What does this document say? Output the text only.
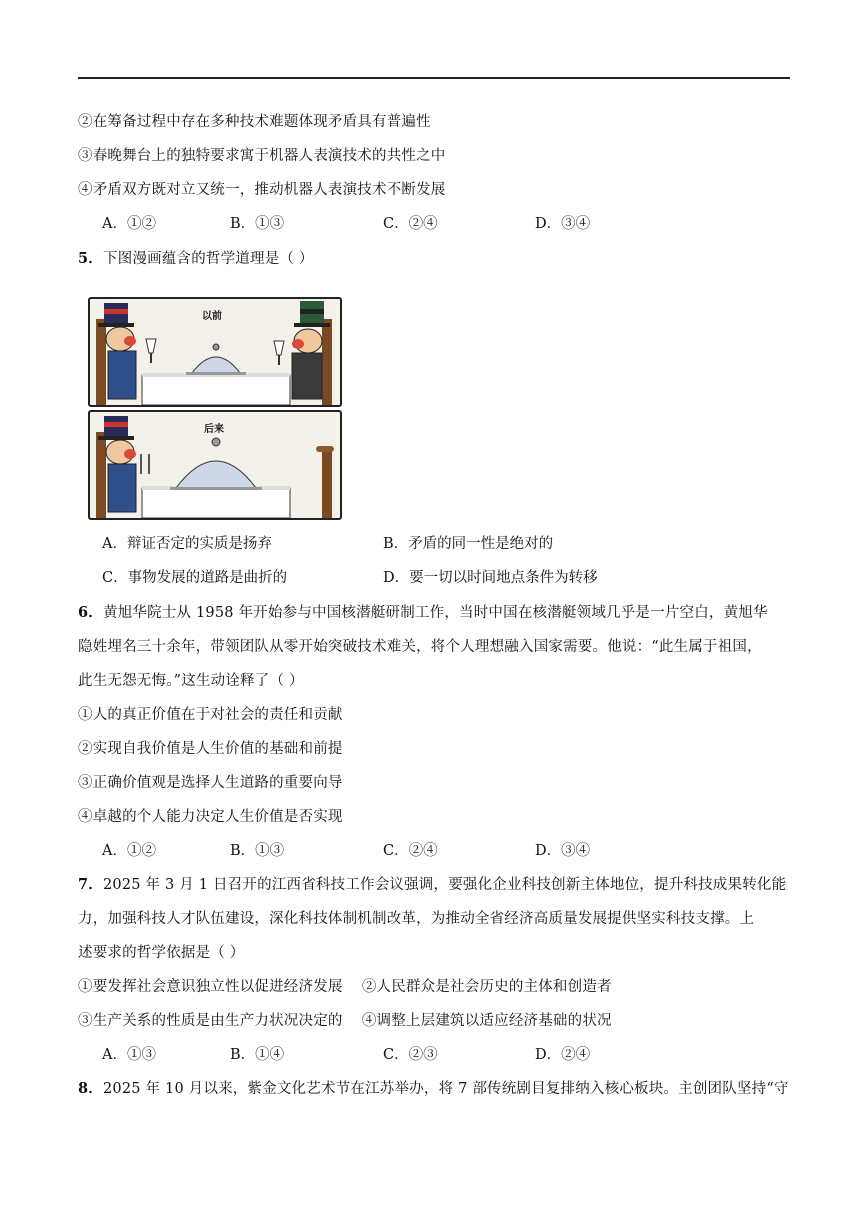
②在筹备过程中存在多种技术难题体现矛盾具有普遍性
③春晚舞台上的独特要求寓于机器人表演技术的共性之中
④矛盾双方既对立又统一，推动机器人表演技术不断发展
A．①②	B．①③	C．②④	D．③④
5．下图漫画蕴含的哲学道理是（ ）
以前
后来
A．辩证否定的实质是扬弃	B．矛盾的同一性是绝对的
C．事物发展的道路是曲折的	D．要一切以时间地点条件为转移
6．黄旭华院士从 1958 年开始参与中国核潜艇研制工作，当时中国在核潜艇领域几乎是一片空白，黄旭华
隐姓埋名三十余年，带领团队从零开始突破技术难关，将个人理想融入国家需要。他说：“此生属于祖国，
此生无怨无悔。”这生动诠释了（ ）
①人的真正价值在于对社会的责任和贡献
②实现自我价值是人生价值的基础和前提
③正确价值观是选择人生道路的重要向导
④卓越的个人能力决定人生价值是否实现
A．①②	B．①③	C．②④	D．③④
7．2025 年 3 月 1 日召开的江西省科技工作会议强调，要强化企业科技创新主体地位，提升科技成果转化能
力，加强科技人才队伍建设，深化科技体制机制改革，为推动全省经济高质量发展提供坚实科技支撑。上
述要求的哲学依据是（ ）
①要发挥社会意识独立性以促进经济发展    ②人民群众是社会历史的主体和创造者
③生产关系的性质是由生产力状况决定的    ④调整上层建筑以适应经济基础的状况
A．①③	B．①④	C．②③	D．②④
8．2025 年 10 月以来，紫金文化艺术节在江苏举办，将 7 部传统剧目复排纳入核心板块。主创团队坚持“守
